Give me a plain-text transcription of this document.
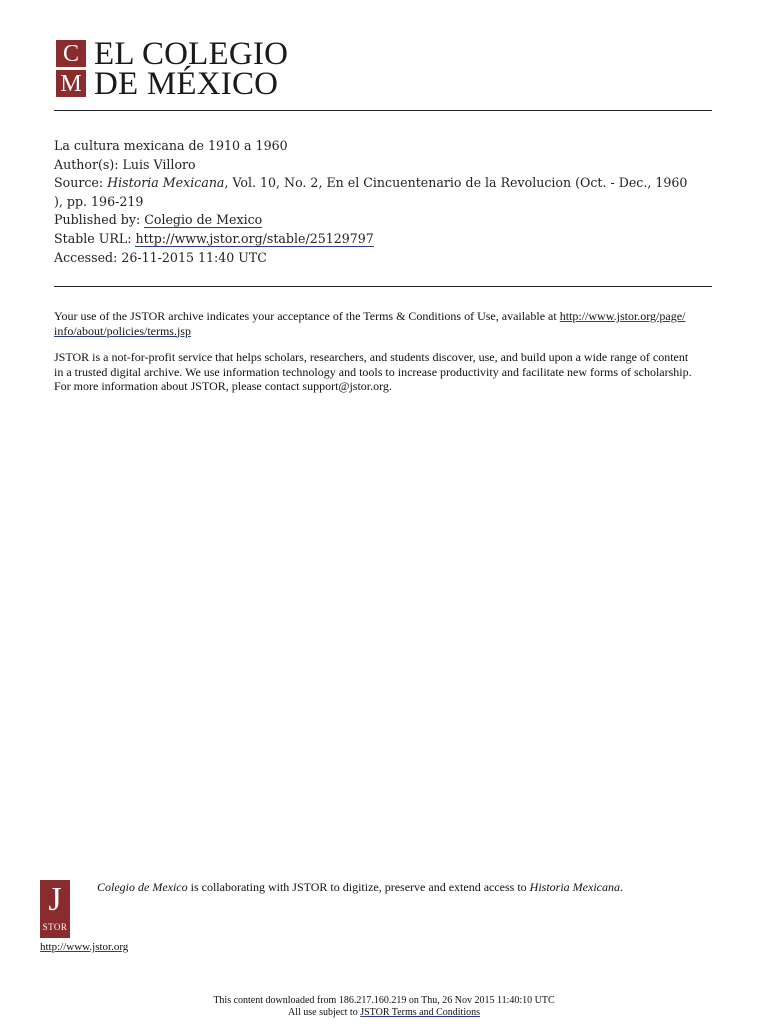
C
M
EL COLEGIO
DE MÉXICO
La cultura mexicana de 1910 a 1960
Author(s): Luis Villoro
Source: Historia Mexicana, Vol. 10, No. 2, En el Cincuentenario de la Revolucion (Oct. - Dec., 1960
), pp. 196-219
Published by: Colegio de Mexico
Stable URL: http://www.jstor.org/stable/25129797
Accessed: 26-11-2015 11:40 UTC

Your use of the JSTOR archive indicates your acceptance of the Terms & Conditions of Use, available at http://www.jstor.org/page/
info/about/policies/terms.jsp

JSTOR is a not-for-profit service that helps scholars, researchers, and students discover, use, and build upon a wide range of content
in a trusted digital archive. We use information technology and tools to increase productivity and facilitate new forms of scholarship.
For more information about JSTOR, please contact support@jstor.org.

J
STOR
Colegio de Mexico is collaborating with JSTOR to digitize, preserve and extend access to Historia Mexicana.
http://www.jstor.org
This content downloaded from 186.217.160.219 on Thu, 26 Nov 2015 11:40:10 UTC
All use subject to JSTOR Terms and Conditions
